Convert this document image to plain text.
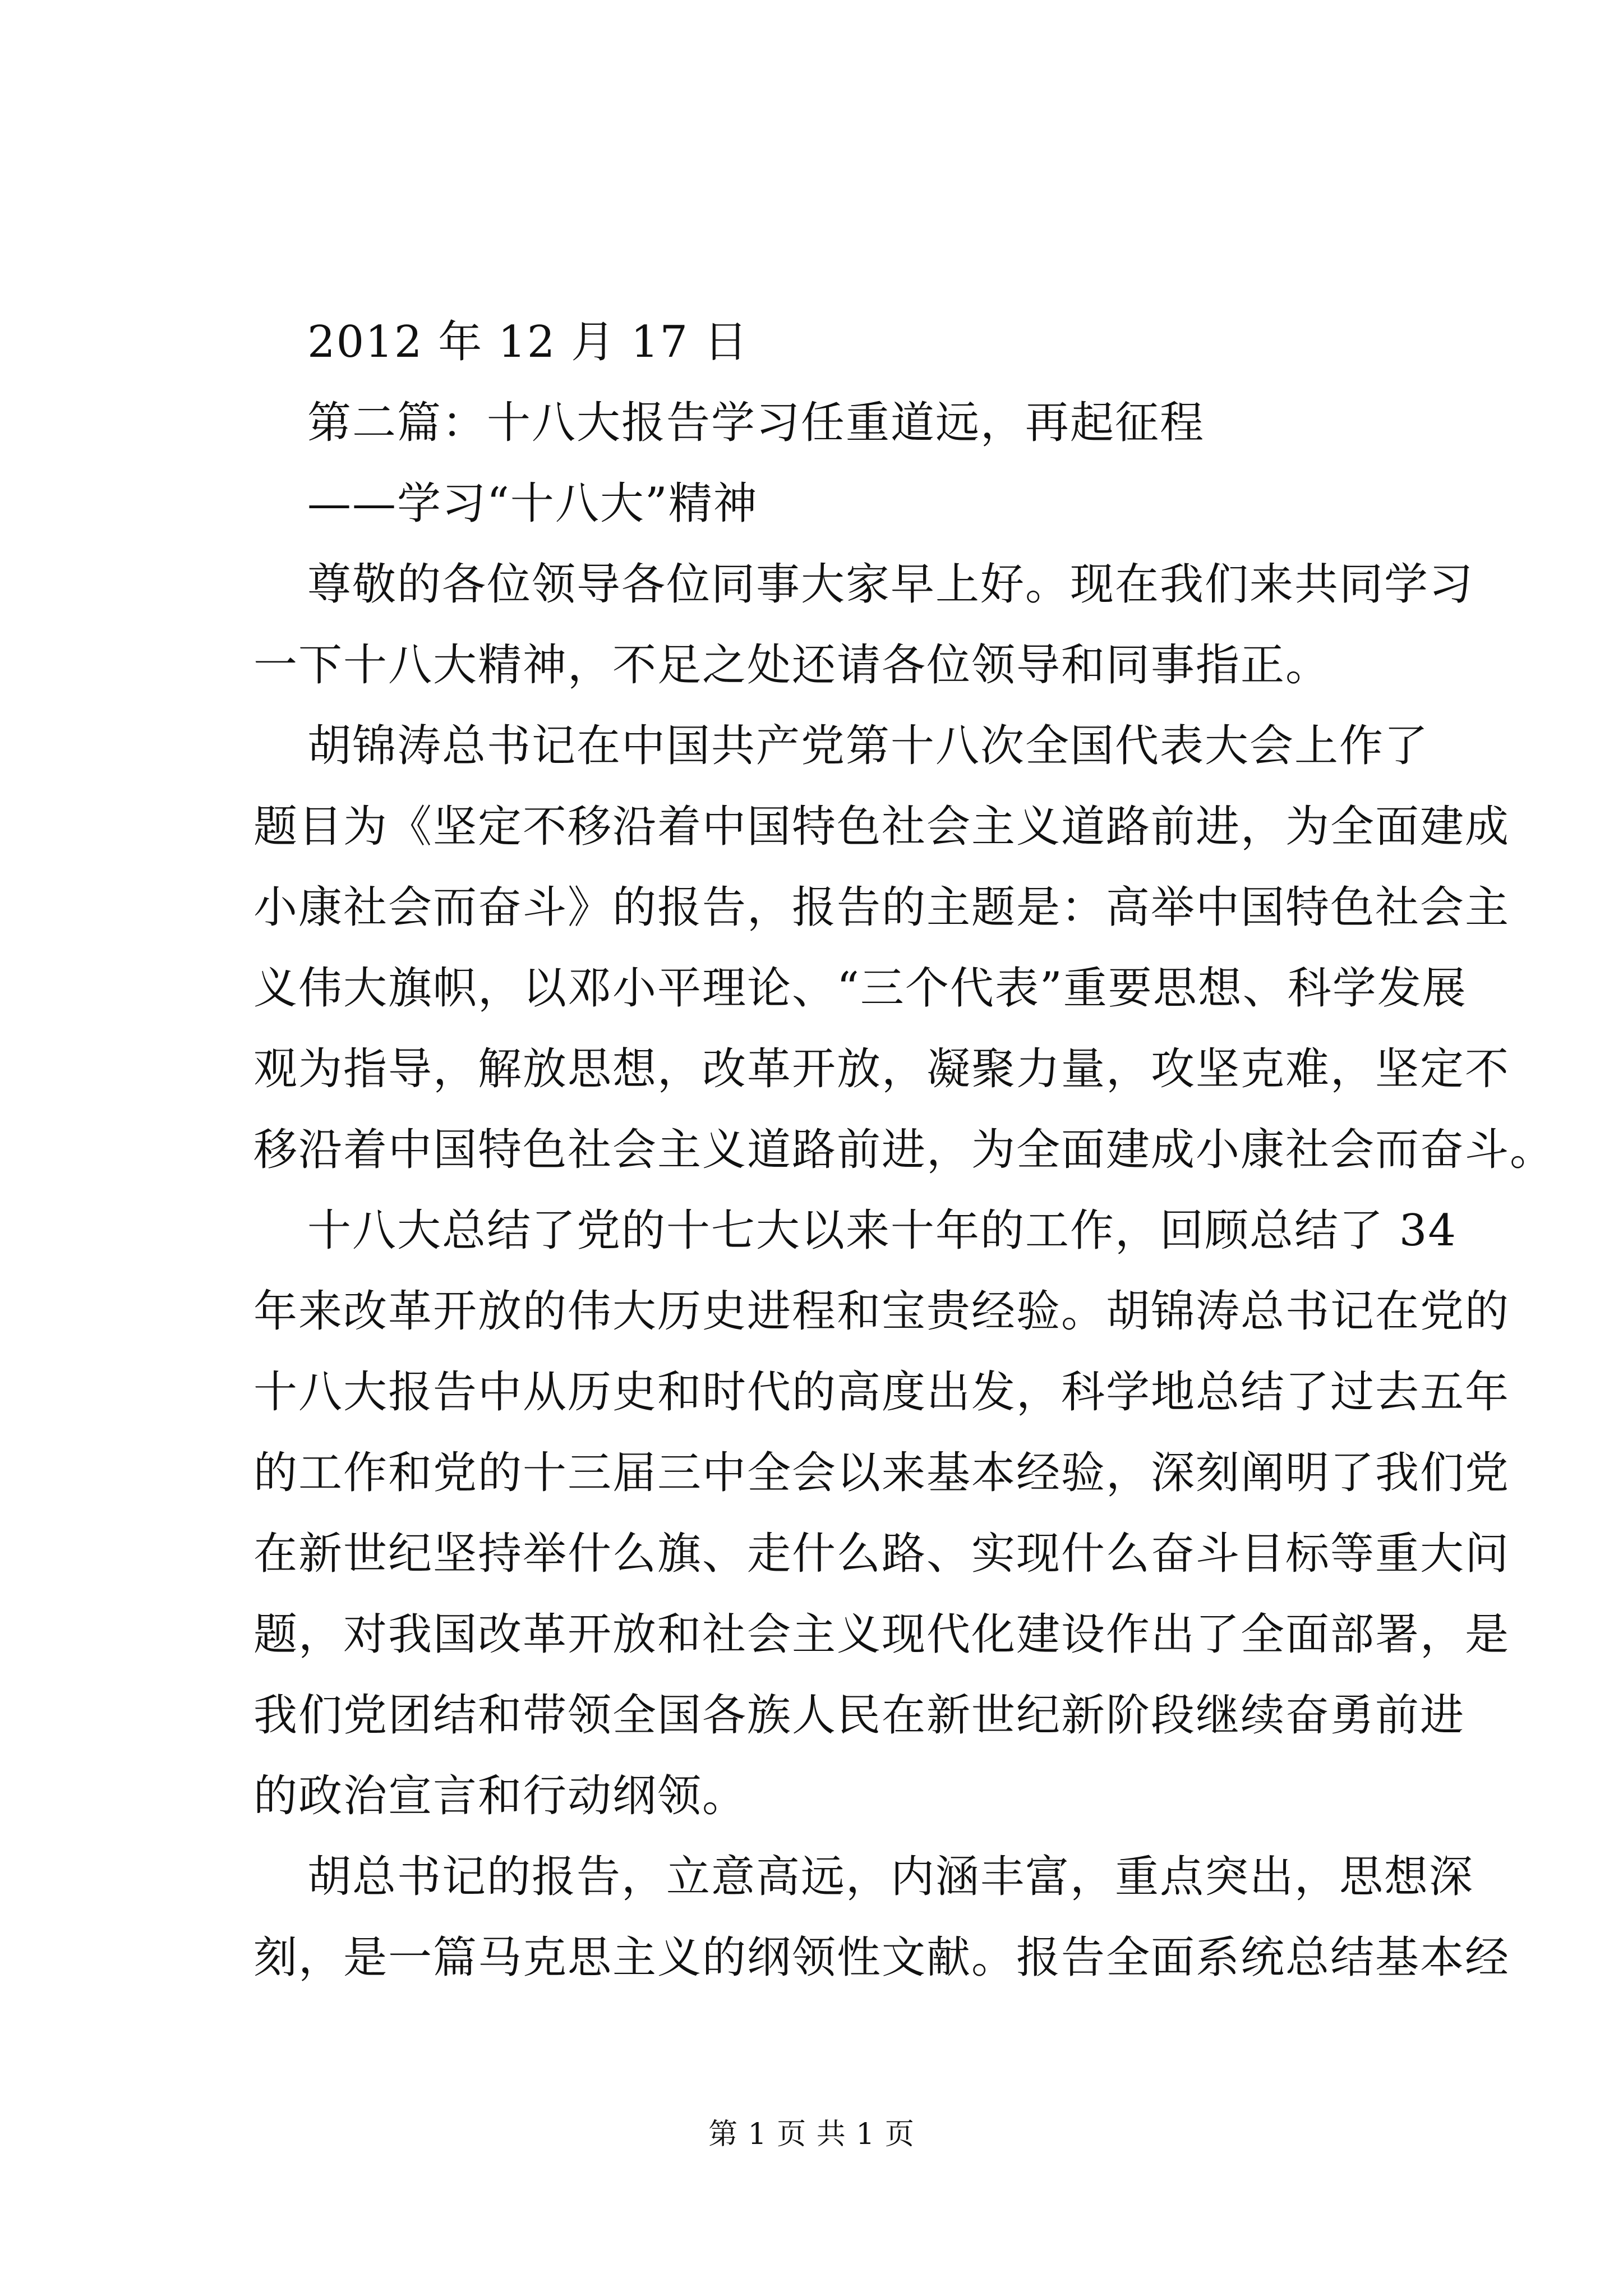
2012 年 12 月 17 日
第二篇：十八大报告学习任重道远，再起征程
——学习“十八大”精神
尊敬的各位领导各位同事大家早上好。现在我们来共同学习
一下十八大精神，不足之处还请各位领导和同事指正。
胡锦涛总书记在中国共产党第十八次全国代表大会上作了
题目为《坚定不移沿着中国特色社会主义道路前进，为全面建成
小康社会而奋斗》的报告，报告的主题是：高举中国特色社会主
义伟大旗帜，以邓小平理论、“三个代表”重要思想、科学发展
观为指导，解放思想，改革开放，凝聚力量，攻坚克难，坚定不
移沿着中国特色社会主义道路前进，为全面建成小康社会而奋斗。
十八大总结了党的十七大以来十年的工作，回顾总结了 34
年来改革开放的伟大历史进程和宝贵经验。胡锦涛总书记在党的
十八大报告中从历史和时代的高度出发，科学地总结了过去五年
的工作和党的十三届三中全会以来基本经验，深刻阐明了我们党
在新世纪坚持举什么旗、走什么路、实现什么奋斗目标等重大问
题，对我国改革开放和社会主义现代化建设作出了全面部署，是
我们党团结和带领全国各族人民在新世纪新阶段继续奋勇前进
的政治宣言和行动纲领。
胡总书记的报告，立意高远，内涵丰富，重点突出，思想深
刻，是一篇马克思主义的纲领性文献。报告全面系统总结基本经
第 1 页 共 1 页
